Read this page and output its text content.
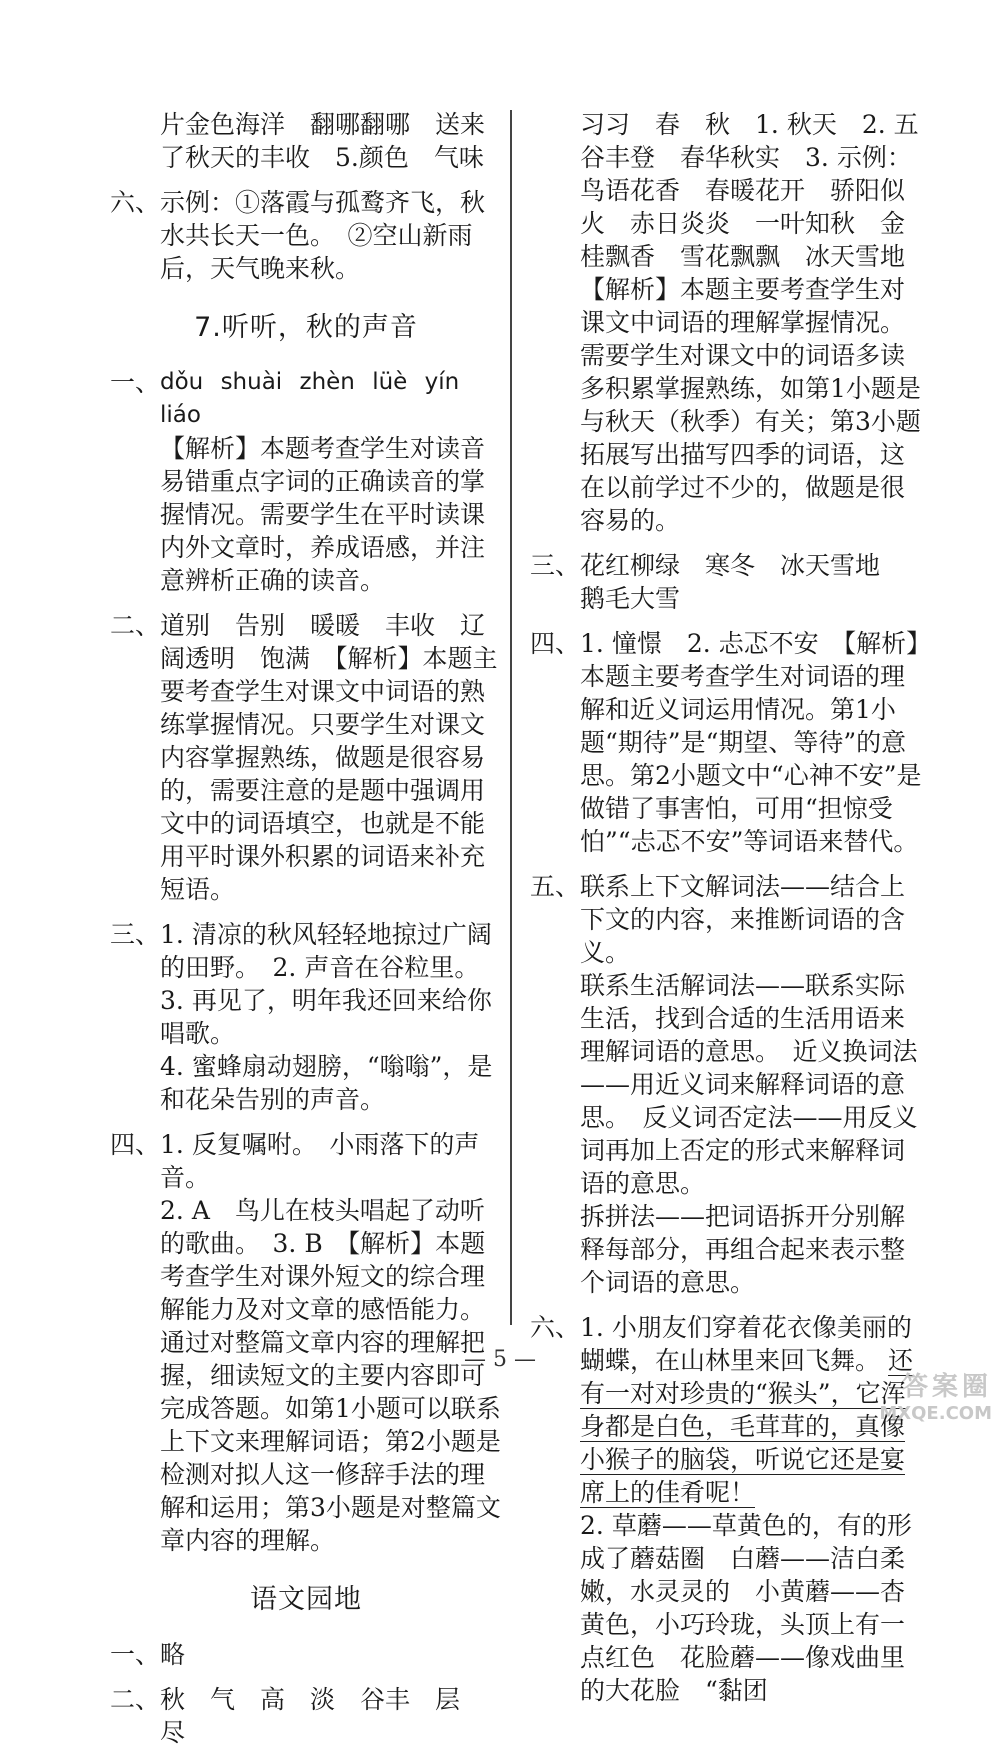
片金色海洋　翻哪翻哪　送来了秋天的丰收　5.颜色　气味
六、 示例：①落霞与孤鹜齐飞，秋水共长天一色。　②空山新雨后，天气晚来秋。
7.听听，秋的声音
一、 dǒu shuài zhèn lüè yín liáo
【解析】本题考查学生对读音易错重点字词的正确读音的掌握情况。需要学生在平时读课内外文章时，养成语感，并注意辨析正确的读音。
二、 道别　告别　暖暖　丰收　辽阔透明　饱满　【解析】本题主要考查学生对课文中词语的熟练掌握情况。只要学生对课文内容掌握熟练，做题是很容易的，需要注意的是题中强调用文中的词语填空，也就是不能用平时课外积累的词语来补充短语。
三、 1. 清凉的秋风轻轻地掠过广阔的田野。　2. 声音在谷粒里。　3. 再见了，明年我还回来给你唱歌。
4. 蜜蜂扇动翅膀，“嗡嗡”，是和花朵告别的声音。
四、 1. 反复嘱咐。　小雨落下的声音。
2. A　鸟儿在枝头唱起了动听的歌曲。　3. B　【解析】本题考查学生对课外短文的综合理解能力及对文章的感悟能力。通过对整篇文章内容的理解把握，细读短文的主要内容即可完成答题。如第1小题可以联系上下文来理解词语；第2小题是检测对拟人这一修辞手法的理解和运用；第3小题是对整篇文章内容的理解。
语文园地
一、 略
二、 秋　气　高　淡　谷丰　层　尽
习习　春　秋　1. 秋天　2. 五谷丰登　春华秋实　3. 示例：鸟语花香　春暖花开　骄阳似火　赤日炎炎　一叶知秋　金桂飘香　雪花飘飘　冰天雪地　【解析】本题主要考查学生对课文中词语的理解掌握情况。需要学生对课文中的词语多读多积累掌握熟练，如第1小题是与秋天（秋季）有关；第3小题拓展写出描写四季的词语，这在以前学过不少的，做题是很容易的。
三、 花红柳绿　寒冬　冰天雪地　鹅毛大雪
四、 1. 憧憬　2. 忐忑不安　【解析】本题主要考查学生对词语的理解和近义词运用情况。第1小题“期待”是“期望、等待”的意思。第2小题文中“心神不安”是做错了事害怕，可用“担惊受怕”“忐忑不安”等词语来替代。
五、 联系上下文解词法——结合上下文的内容，来推断词语的含义。
联系生活解词法——联系实际生活，找到合适的生活用语来理解词语的意思。　近义换词法——用近义词来解释词语的意思。　反义词否定法——用反义词再加上否定的形式来解释词语的意思。
拆拼法——把词语拆开分别解释每部分，再组合起来表示整个词语的意思。
六、 1. 小朋友们穿着花衣像美丽的蝴蝶，在山林里来回飞舞。 还有一对对珍贵的“猴头”，它浑身都是白色，毛茸茸的，真像小猴子的脑袋，听说它还是宴席上的佳肴呢！
2. 草蘑——草黄色的，有的形成了蘑菇圈　白蘑——洁白柔嫩，水灵灵的　小黄蘑——杏黄色，小巧玲珑，头顶上有一点红色　花脸蘑——像戏曲里的大花脸　“黏团
— 5 —
答案圈
MXQE.COM
